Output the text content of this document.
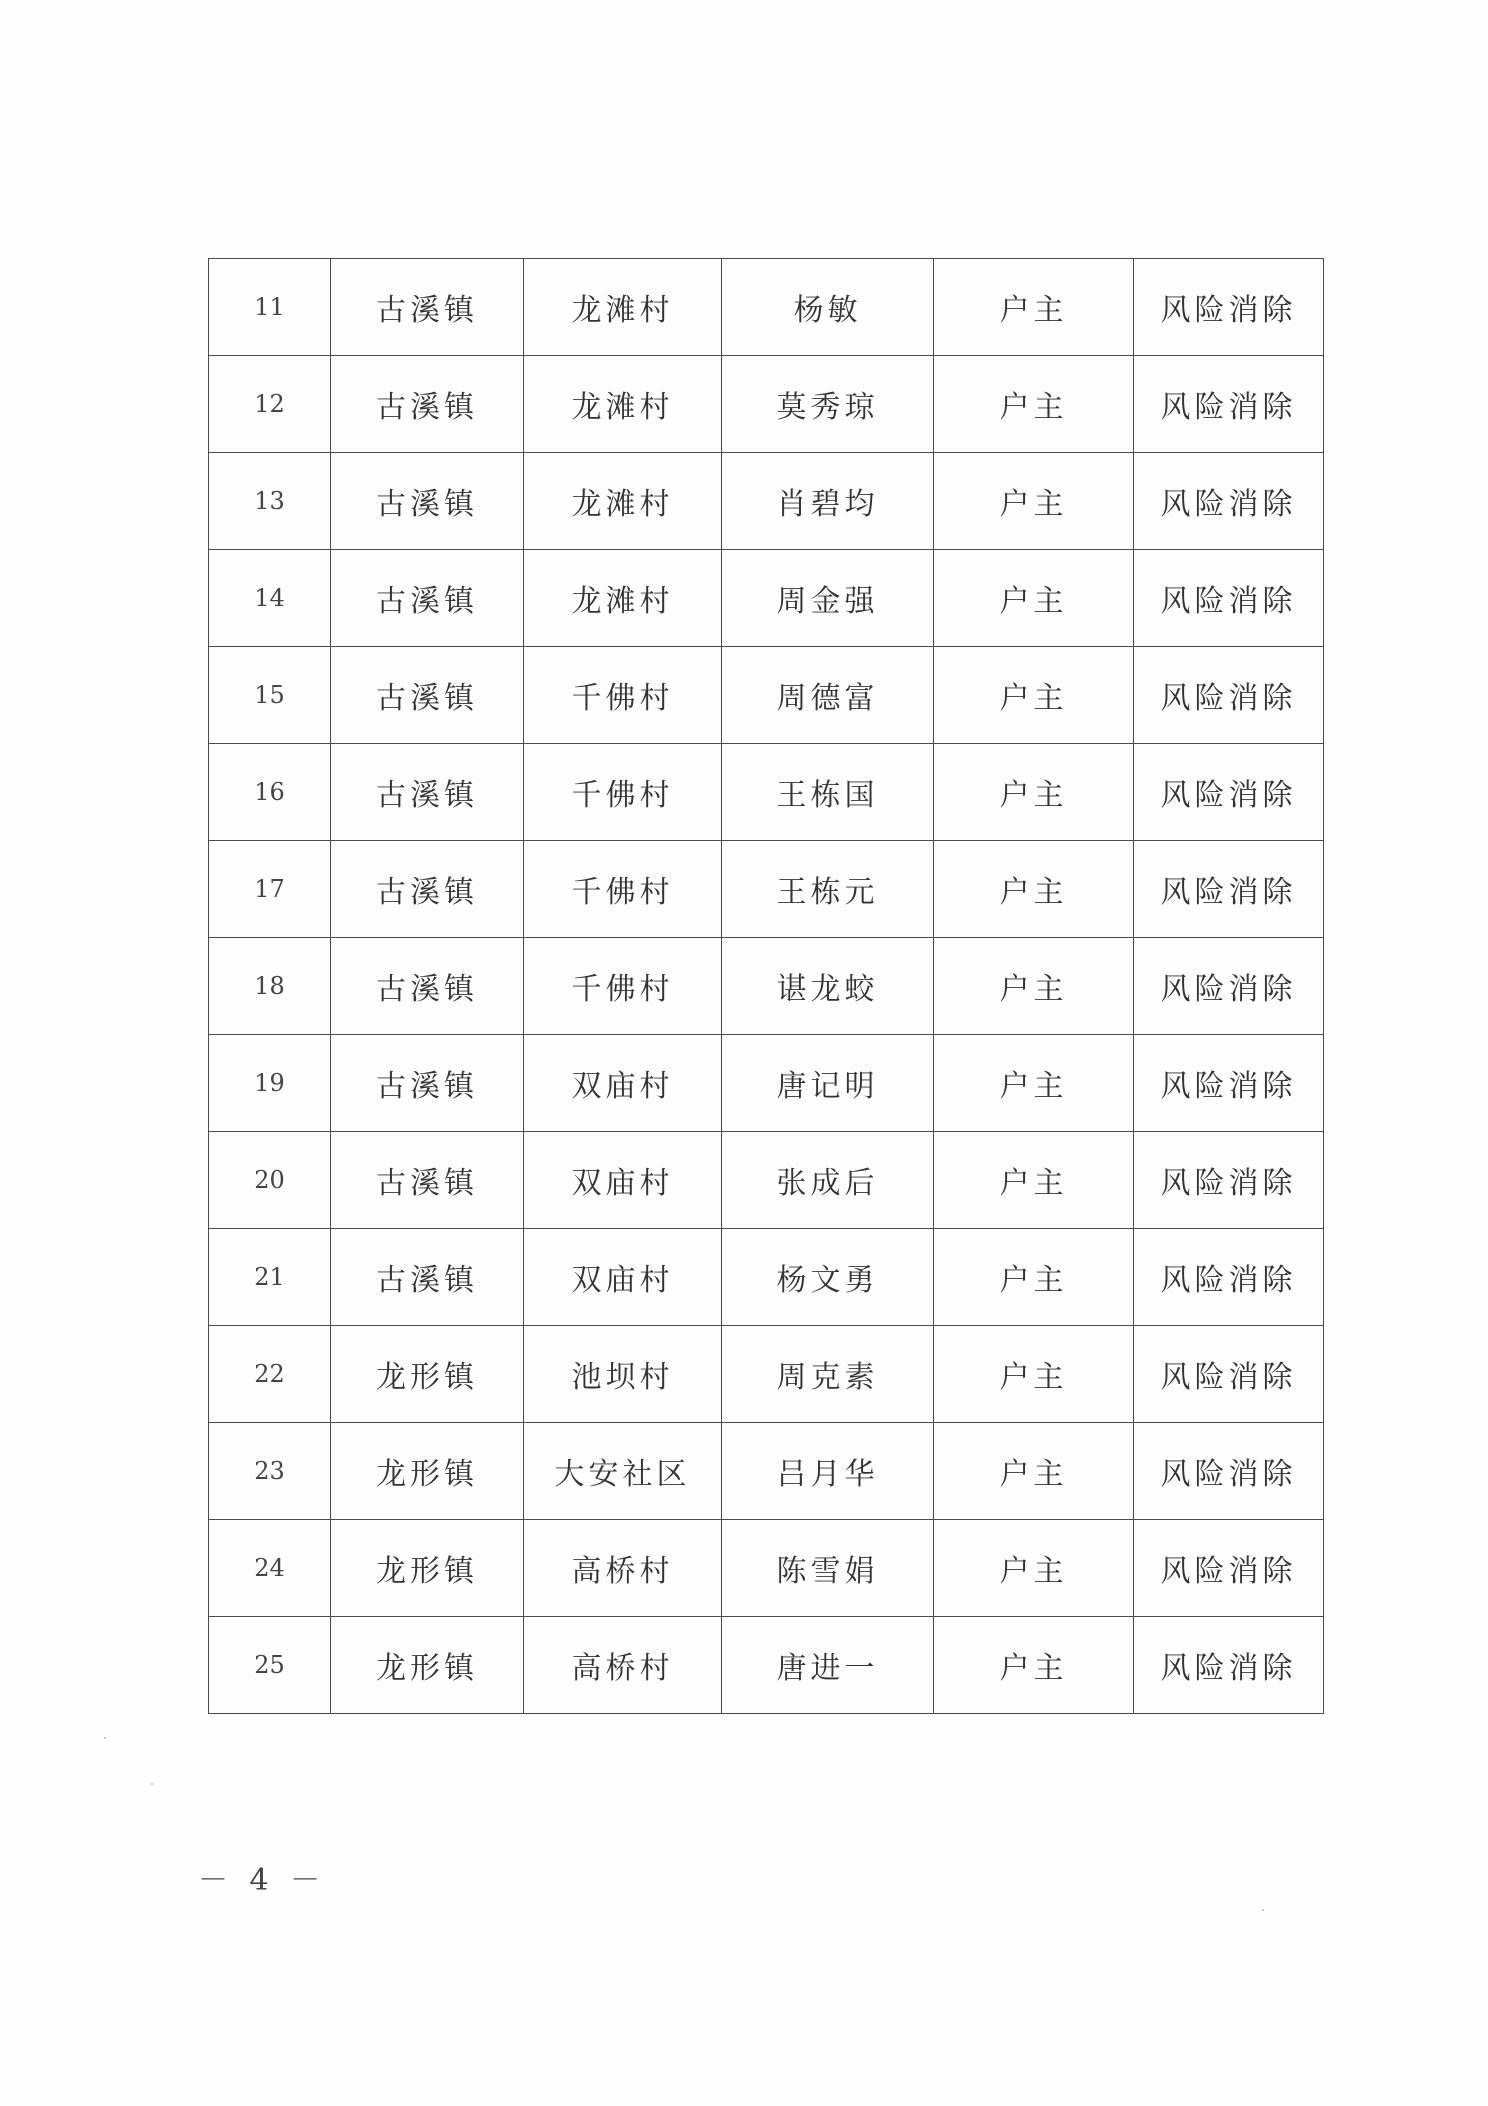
11	古溪镇	龙滩村	杨敏	户主	风险消除
12	古溪镇	龙滩村	莫秀琼	户主	风险消除
13	古溪镇	龙滩村	肖碧均	户主	风险消除
14	古溪镇	龙滩村	周金强	户主	风险消除
15	古溪镇	千佛村	周德富	户主	风险消除
16	古溪镇	千佛村	王栋国	户主	风险消除
17	古溪镇	千佛村	王栋元	户主	风险消除
18	古溪镇	千佛村	谌龙蛟	户主	风险消除
19	古溪镇	双庙村	唐记明	户主	风险消除
20	古溪镇	双庙村	张成后	户主	风险消除
21	古溪镇	双庙村	杨文勇	户主	风险消除
22	龙形镇	池坝村	周克素	户主	风险消除
23	龙形镇	大安社区	吕月华	户主	风险消除
24	龙形镇	高桥村	陈雪娟	户主	风险消除
25	龙形镇	高桥村	唐进一	户主	风险消除
－ 4 －
